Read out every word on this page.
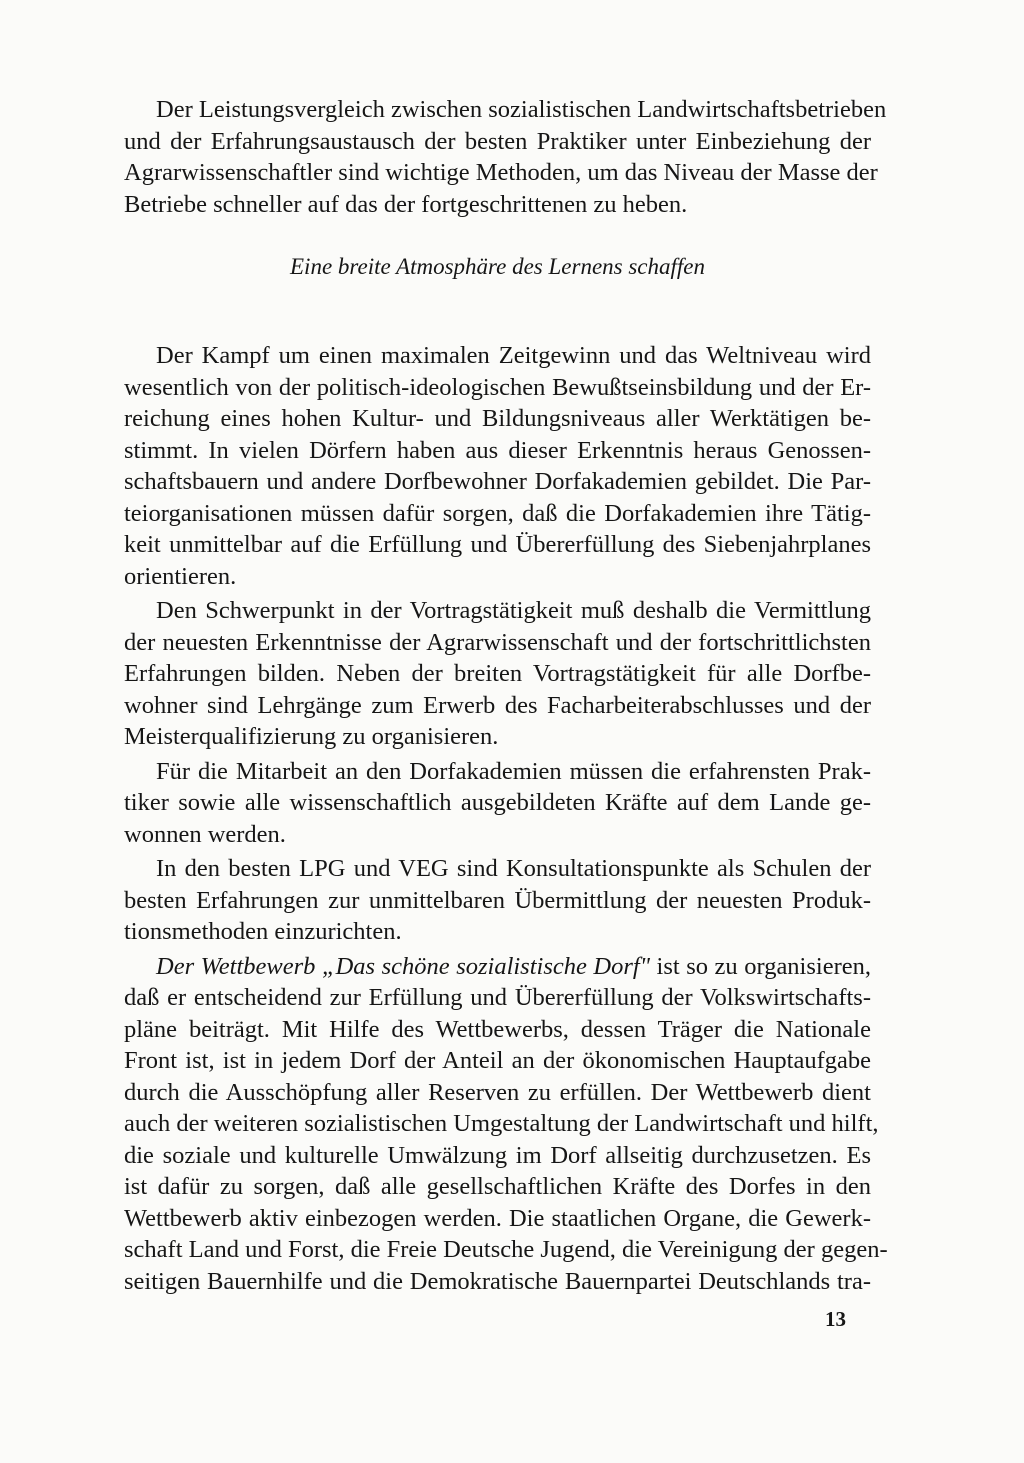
Der Leistungsvergleich zwischen sozialistischen Landwirtschaftsbetrieben
und der Erfahrungsaustausch der besten Praktiker unter Einbeziehung der
Agrarwissenschaftler sind wichtige Methoden, um das Niveau der Masse der
Betriebe schneller auf das der fortgeschrittenen zu heben.
Eine breite Atmosphäre des Lernens schaffen
Der Kampf um einen maximalen Zeitgewinn und das Weltniveau wird
wesentlich von der politisch-ideologischen Bewußtseinsbildung und der Er-
reichung eines hohen Kultur- und Bildungsniveaus aller Werktätigen be-
stimmt. In vielen Dörfern haben aus dieser Erkenntnis heraus Genossen-
schaftsbauern und andere Dorfbewohner Dorfakademien gebildet. Die Par-
teiorganisationen müssen dafür sorgen, daß die Dorfakademien ihre Tätig-
keit unmittelbar auf die Erfüllung und Übererfüllung des Siebenjahrplanes
orientieren.
Den Schwerpunkt in der Vortragstätigkeit muß deshalb die Vermittlung
der neuesten Erkenntnisse der Agrarwissenschaft und der fortschrittlichsten
Erfahrungen bilden. Neben der breiten Vortragstätigkeit für alle Dorfbe-
wohner sind Lehrgänge zum Erwerb des Facharbeiterabschlusses und der
Meisterqualifizierung zu organisieren.
Für die Mitarbeit an den Dorfakademien müssen die erfahrensten Prak-
tiker sowie alle wissenschaftlich ausgebildeten Kräfte auf dem Lande ge-
wonnen werden.
In den besten LPG und VEG sind Konsultationspunkte als Schulen der
besten Erfahrungen zur unmittelbaren Übermittlung der neuesten Produk-
tionsmethoden einzurichten.
Der Wettbewerb „Das schöne sozialistische Dorf" ist so zu organisieren,
daß er entscheidend zur Erfüllung und Übererfüllung der Volkswirtschafts-
pläne beiträgt. Mit Hilfe des Wettbewerbs, dessen Träger die Nationale
Front ist, ist in jedem Dorf der Anteil an der ökonomischen Hauptaufgabe
durch die Ausschöpfung aller Reserven zu erfüllen. Der Wettbewerb dient
auch der weiteren sozialistischen Umgestaltung der Landwirtschaft und hilft,
die soziale und kulturelle Umwälzung im Dorf allseitig durchzusetzen. Es
ist dafür zu sorgen, daß alle gesellschaftlichen Kräfte des Dorfes in den
Wettbewerb aktiv einbezogen werden. Die staatlichen Organe, die Gewerk-
schaft Land und Forst, die Freie Deutsche Jugend, die Vereinigung der gegen-
seitigen Bauernhilfe und die Demokratische Bauernpartei Deutschlands tra-
13
